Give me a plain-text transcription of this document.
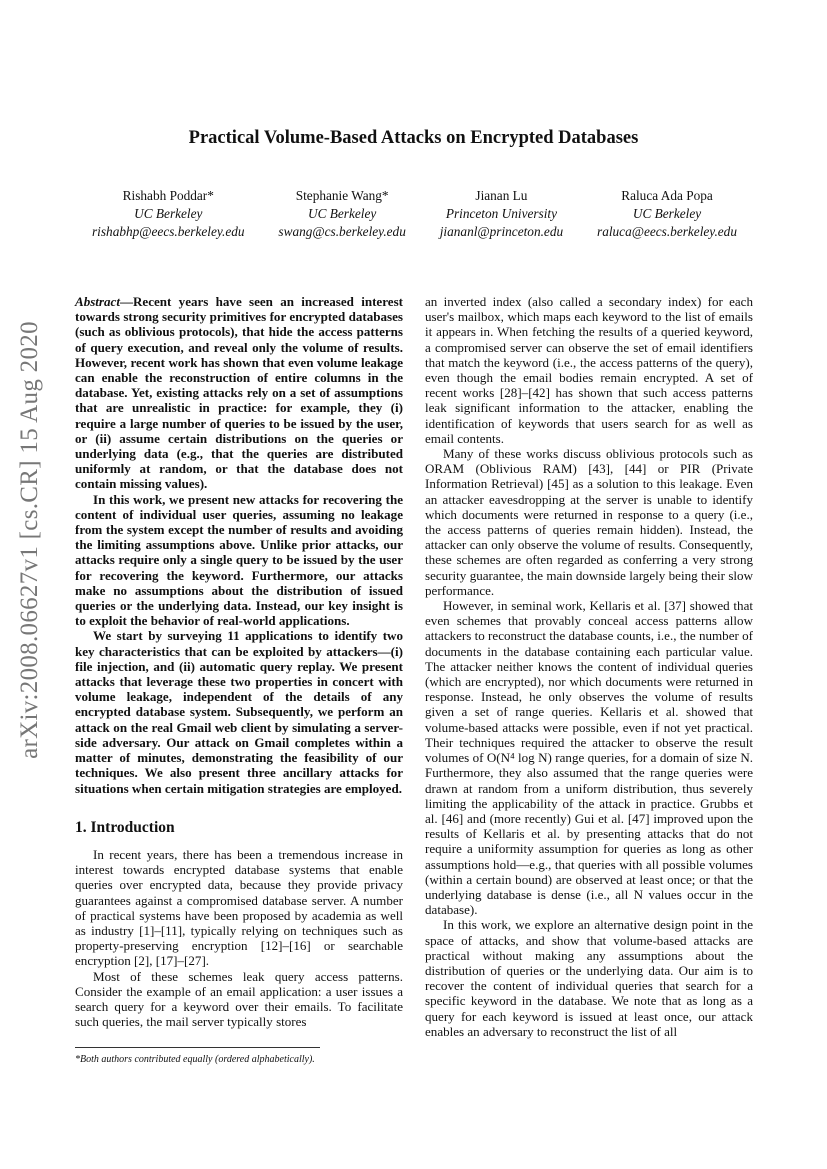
arXiv:2008.06627v1 [cs.CR] 15 Aug 2020
Practical Volume-Based Attacks on Encrypted Databases
Rishabh Poddar*
UC Berkeley
rishabhp@eecs.berkeley.edu
Stephanie Wang*
UC Berkeley
swang@cs.berkeley.edu
Jianan Lu
Princeton University
jiananl@princeton.edu
Raluca Ada Popa
UC Berkeley
raluca@eecs.berkeley.edu

Abstract—Recent years have seen an increased interest towards strong security primitives for encrypted databases (such as oblivious protocols), that hide the access patterns of query execution, and reveal only the volume of results. However, recent work has shown that even volume leakage can enable the reconstruction of entire columns in the database. Yet, existing attacks rely on a set of assumptions that are unrealistic in practice: for example, they (i) require a large number of queries to be issued by the user, or (ii) assume certain distributions on the queries or underlying data (e.g., that the queries are distributed uniformly at random, or that the database does not contain missing values).

In this work, we present new attacks for recovering the content of individual user queries, assuming no leakage from the system except the number of results and avoiding the limiting assumptions above. Unlike prior attacks, our attacks require only a single query to be issued by the user for recovering the keyword. Furthermore, our attacks make no assumptions about the distribution of issued queries or the underlying data. Instead, our key insight is to exploit the behavior of real-world applications.

We start by surveying 11 applications to identify two key characteristics that can be exploited by attackers—(i) file injection, and (ii) automatic query replay. We present attacks that leverage these two properties in concert with volume leakage, independent of the details of any encrypted database system. Subsequently, we perform an attack on the real Gmail web client by simulating a server-side adversary. Our attack on Gmail completes within a matter of minutes, demonstrating the feasibility of our techniques. We also present three ancillary attacks for situations when certain mitigation strategies are employed.

1. Introduction

In recent years, there has been a tremendous increase in interest towards encrypted database systems that enable queries over encrypted data, because they provide privacy guarantees against a compromised database server. A number of practical systems have been proposed by academia as well as industry [1]–[11], typically relying on techniques such as property-preserving encryption [12]–[16] or searchable encryption [2], [17]–[27].

Most of these schemes leak query access patterns. Consider the example of an email application: a user issues a search query for a keyword over their emails. To facilitate such queries, the mail server typically stores

an inverted index (also called a secondary index) for each user's mailbox, which maps each keyword to the list of emails it appears in. When fetching the results of a queried keyword, a compromised server can observe the set of email identifiers that match the keyword (i.e., the access patterns of the query), even though the email bodies remain encrypted. A set of recent works [28]–[42] has shown that such access patterns leak significant information to the attacker, enabling the identification of keywords that users search for as well as email contents.

Many of these works discuss oblivious protocols such as ORAM (Oblivious RAM) [43], [44] or PIR (Private Information Retrieval) [45] as a solution to this leakage. Even an attacker eavesdropping at the server is unable to identify which documents were returned in response to a query (i.e., the access patterns of queries remain hidden). Instead, the attacker can only observe the volume of results. Consequently, these schemes are often regarded as conferring a very strong security guarantee, the main downside largely being their slow performance.

However, in seminal work, Kellaris et al. [37] showed that even schemes that provably conceal access patterns allow attackers to reconstruct the database counts, i.e., the number of documents in the database containing each particular value. The attacker neither knows the content of individual queries (which are encrypted), nor which documents were returned in response. Instead, he only observes the volume of results given a set of range queries. Kellaris et al. showed that volume-based attacks were possible, even if not yet practical. Their techniques required the attacker to observe the result volumes of O(N⁴ log N) range queries, for a domain of size N. Furthermore, they also assumed that the range queries were drawn at random from a uniform distribution, thus severely limiting the applicability of the attack in practice. Grubbs et al. [46] and (more recently) Gui et al. [47] improved upon the results of Kellaris et al. by presenting attacks that do not require a uniformity assumption for queries as long as other assumptions hold—e.g., that queries with all possible volumes (within a certain bound) are observed at least once; or that the underlying database is dense (i.e., all N values occur in the database).

In this work, we explore an alternative design point in the space of attacks, and show that volume-based attacks are practical without making any assumptions about the distribution of queries or the underlying data. Our aim is to recover the content of individual queries that search for a specific keyword in the database. We note that as long as a query for each keyword is issued at least once, our attack enables an adversary to reconstruct the list of all

*Both authors contributed equally (ordered alphabetically).
